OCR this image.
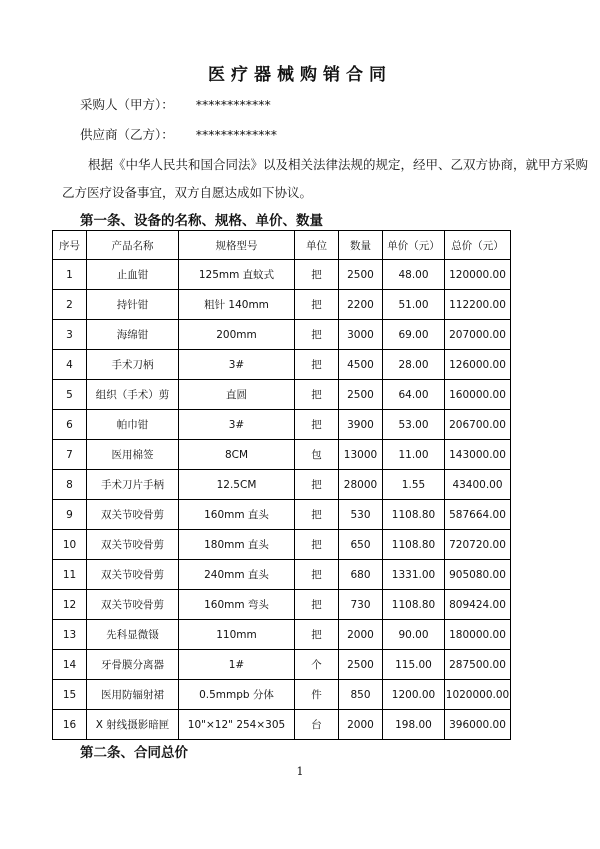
医疗器械购销合同
采购人（甲方）： ************
供应商（乙方）： *************
根据《中华人民共和国合同法》以及相关法律法规的规定，经甲、乙双方协商，就甲方采购
乙方医疗设备事宜，双方自愿达成如下协议。
第一条、设备的名称、规格、单价、数量
序号	产品名称	规格型号	单位	数量	单价（元）	总价（元）
1	止血钳	125mm 直蚊式	把	2500	48.00	120000.00
2	持针钳	粗针 140mm	把	2200	51.00	112200.00
3	海绵钳	200mm	把	3000	69.00	207000.00
4	手术刀柄	3#	把	4500	28.00	126000.00
5	组织（手术）剪	直圆	把	2500	64.00	160000.00
6	帕巾钳	3#	把	3900	53.00	206700.00
7	医用棉签	8CM	包	13000	11.00	143000.00
8	手术刀片手柄	12.5CM	把	28000	1.55	43400.00
9	双关节咬骨剪	160mm 直头	把	530	1108.80	587664.00
10	双关节咬骨剪	180mm 直头	把	650	1108.80	720720.00
11	双关节咬骨剪	240mm 直头	把	680	1331.00	905080.00
12	双关节咬骨剪	160mm 弯头	把	730	1108.80	809424.00
13	先科显微镊	110mm	把	2000	90.00	180000.00
14	牙骨膜分离器	1#	个	2500	115.00	287500.00
15	医用防辐射裙	0.5mmpb 分体	件	850	1200.00	1020000.00
16	X 射线摄影暗匣	10"×12" 254×305	台	2000	198.00	396000.00
第二条、合同总价
1
